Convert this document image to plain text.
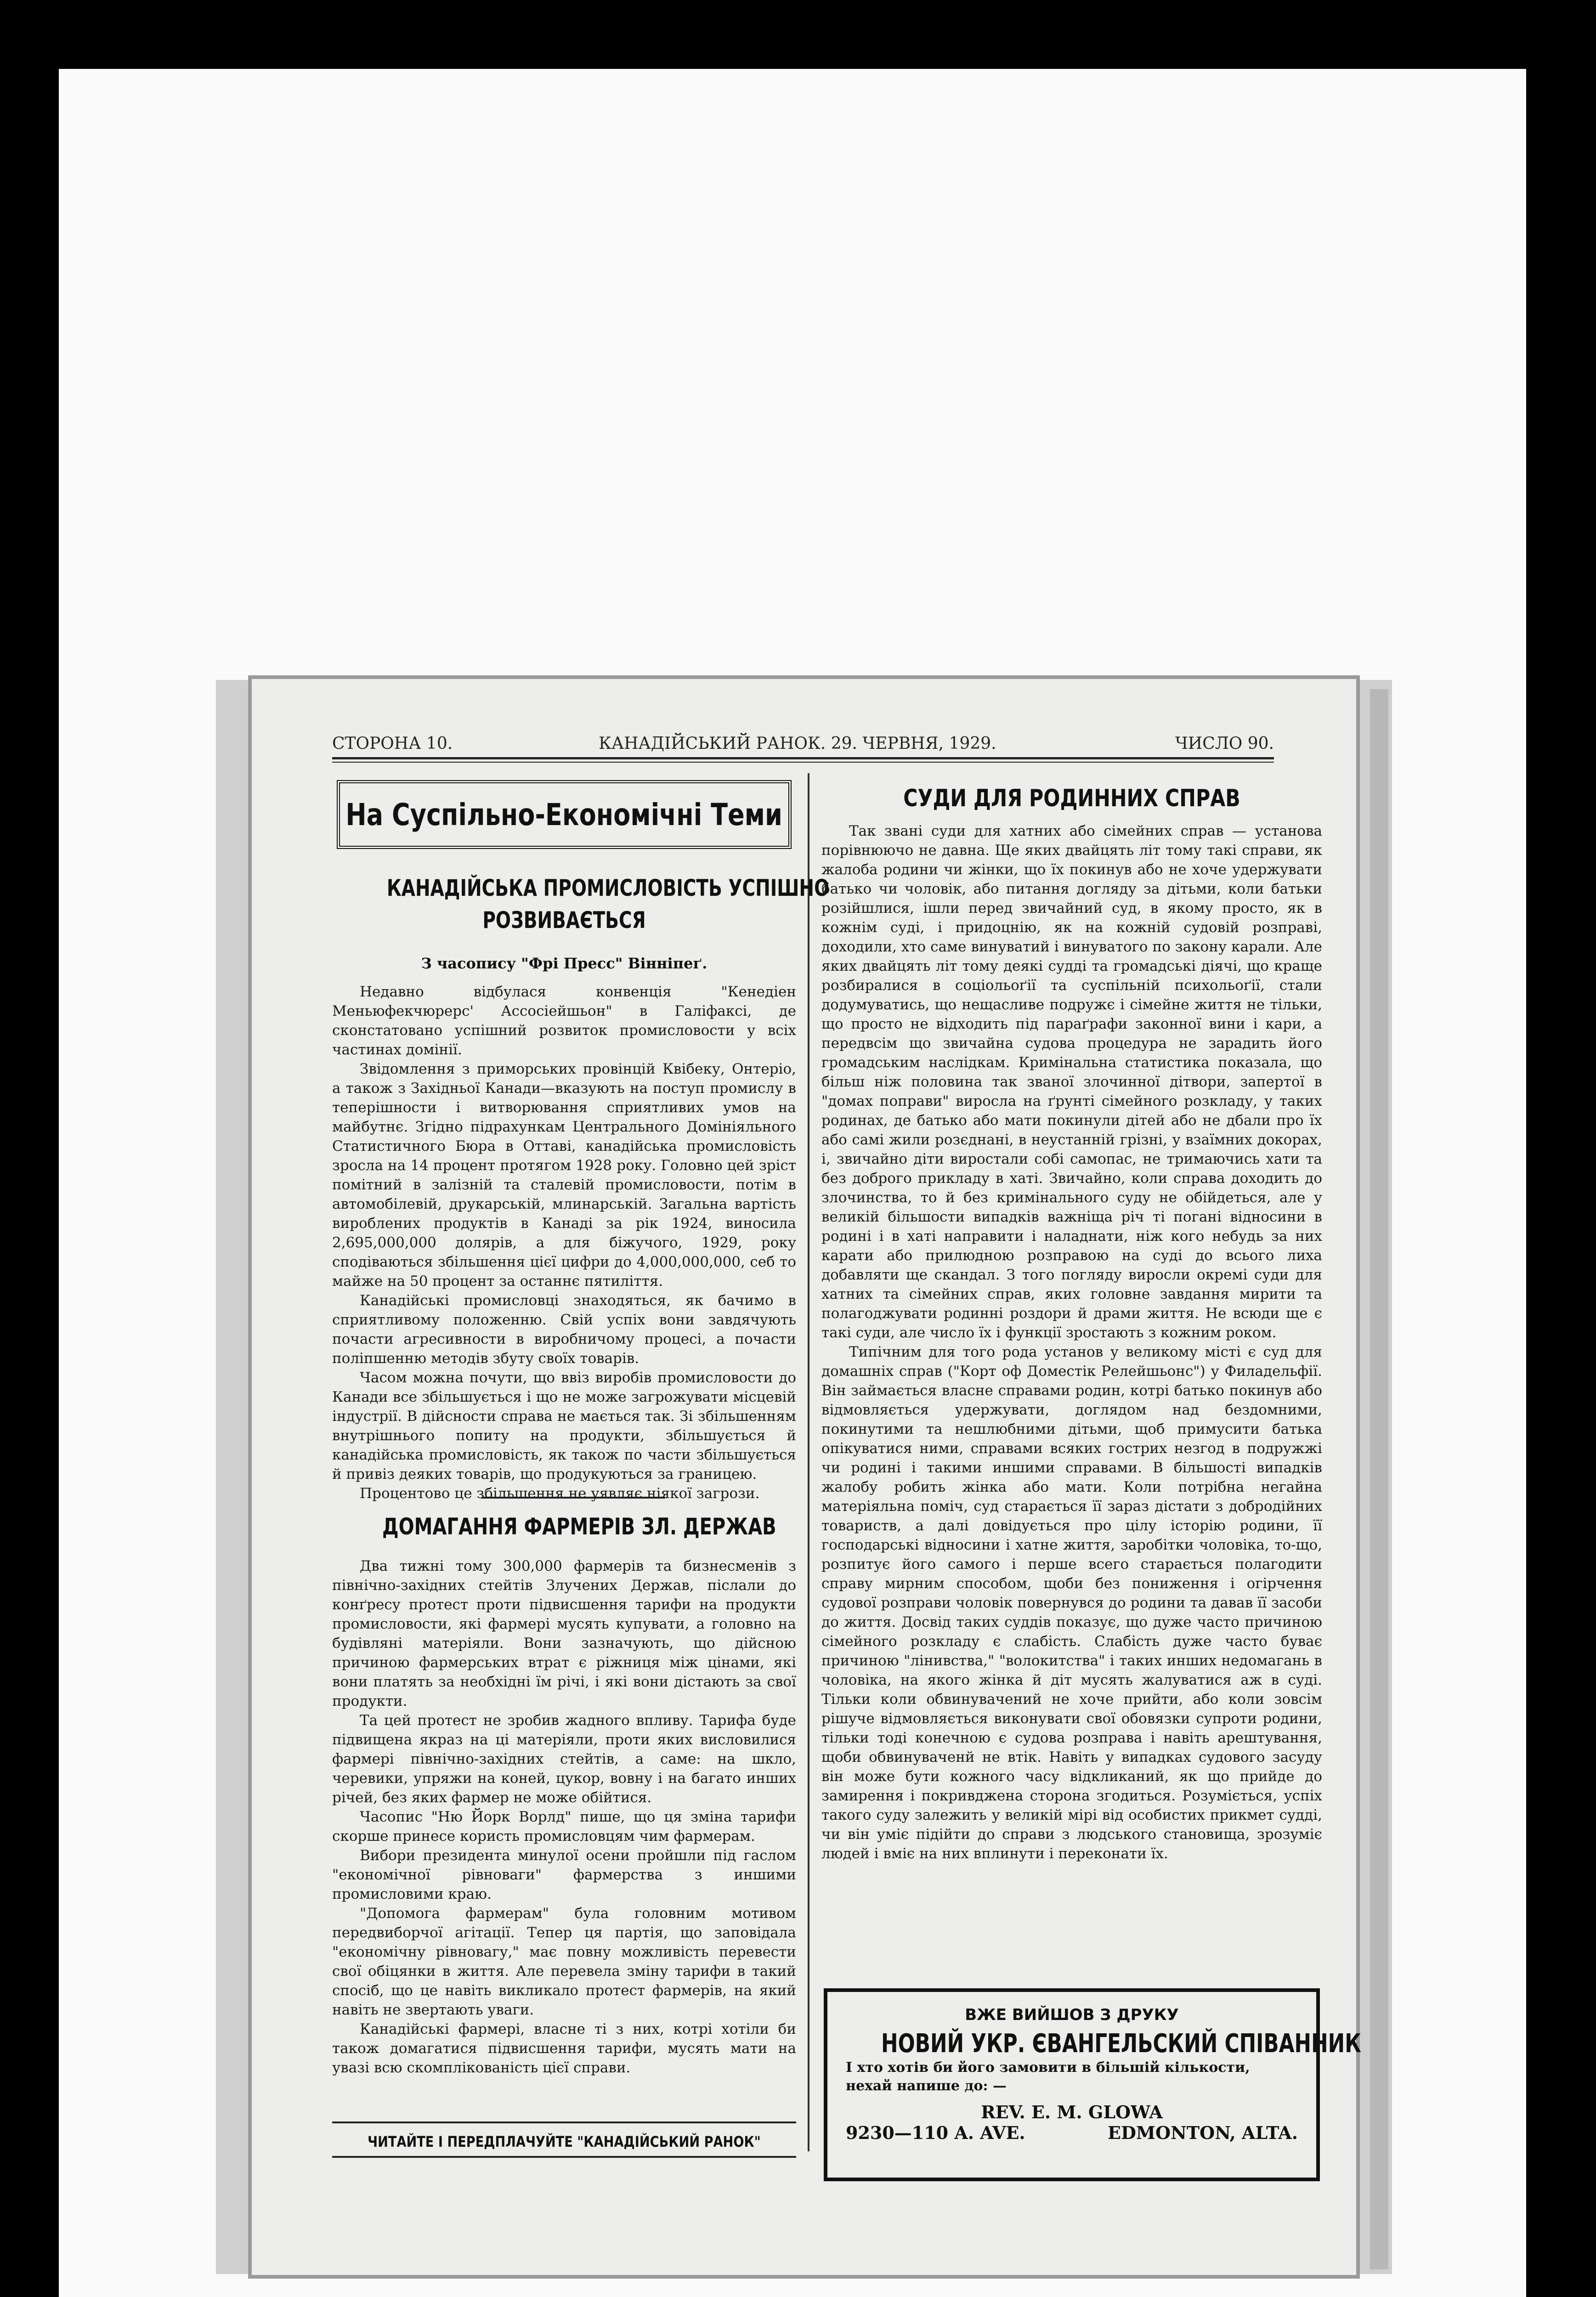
СТОРОНА 10.	КАНАДІЙСЬКИЙ РАНОК. 29. ЧЕРВНЯ, 1929.	ЧИСЛО 90.
На Суспільно-Економічні Теми
КАНАДІЙСЬКА ПРОМИСЛОВІСТЬ УСПІШНО
РОЗВИВАЄТЬСЯ
З часопису "Фрі Пресс" Вінніпеґ.

Недавно відбулася конвенція "Кенедіен Меньюфекчюрерс' Ассосіейшьон" в Галіфаксі, де сконстатовано успішний розвиток промисловости у всіх частинах домінії.

Звідомлення з приморських провінцій Квібеку, Онтеріо, а також з Західньої Канади—вказують на поступ промислу в теперішности і витворювання сприятливих умов на майбутнє. Згідно підрахункам Центрального Домініяльного Статистичного Бюра в Оттаві, канадійська промисловість зросла на 14 процент протягом 1928 року. Головно цей зріст помітний в залізній та сталевій промисловости, потім в автомобілевій, друкарській, млинарській. Загальна вартість вироблених продуктів в Канаді за рік 1924, виносила 2,695,000,000 долярів, а для біжучого, 1929, року сподіваються збільшення цієї цифри до 4,000,000,000, себ то майже на 50 процент за останнє пятиліття.

Канадійські промисловці знаходяться, як бачимо в сприятливому положенню. Свій успіх вони завдячують почасти агресивности в виробничому процесі, а почасти поліпшенню методів збуту своїх товарів.

Часом можна почути, що ввіз виробів промисловости до Канади все збільшується і що не може загрожувати місцевій індустрії. В дійсности справа не мається так. Зі збільшенням внутрішнього попиту на продукти, збільшується й канадійська промисловість, як також по части збільшується й привіз деяких товарів, що продукуються за границею.

Процентово це збільшення не уявляє ніякої загрози.

ДОМАГАННЯ ФАРМЕРІВ ЗЛ. ДЕРЖАВ

Два тижні тому 300,000 фармерів та бизнесменів з північно-західних стейтів Злучених Держав, післали до конґресу протест проти підвисшення тарифи на продукти промисловости, які фармері мусять купувати, а головно на будівляні матеріяли. Вони зазначують, що дійсною причиною фармерських втрат є ріжниця між цінами, які вони платять за необхідні їм річі, і які вони дістають за свої продукти.

Та цей протест не зробив жадного впливу. Тарифа буде підвищена якраз на ці матеріяли, проти яких висловилися фармері північно-західних стейтів, а саме: на шкло, черевики, упряжи на коней, цукор, вовну і на багато инших річей, без яких фармер не може обійтися.

Часопис "Ню Йорк Ворлд" пише, що ця зміна тарифи скорше принесе користь промисловцям чим фармерам.

Вибори президента минулої осени пройшли під гаслом "економічної рівноваги" фармерства з иншими промисловими краю.

"Допомога фармерам" була головним мотивом передвиборчої агітації. Тепер ця партія, що заповідала "економічну рівновагу," має повну можливість перевести свої обіцянки в життя. Але перевела зміну тарифи в такий спосіб, що це навіть викликало протест фармерів, на який навіть не звертають уваги.

Канадійські фармері, власне ті з них, котрі хотіли би також домагатися підвисшення тарифи, мусять мати на увазі всю скомплікованість цієї справи.

ЧИТАЙТЕ І ПЕРЕДПЛАЧУЙТЕ "КАНАДІЙСЬКИЙ РАНОК"
СУДИ ДЛЯ РОДИННИХ СПРАВ

Так звані суди для хатних або сімейних справ — установа порівнюючо не давна. Ще яких двайцять літ тому такі справи, як жалоба родини чи жінки, що їх покинув або не хоче удержувати батько чи чоловік, або питання догляду за дітьми, коли батьки розійшлися, ішли перед звичайний суд, в якому просто, як в кожнім суді, і придоцнію, як на кожній судовій розправі, доходили, хто саме винуватий і винуватого по закону карали. Але яких двайцять літ тому деякі судді та громадські діячі, що краще розбиралися в соціольоґії та суспільній психольоґії, стали додумуватись, що нещасливе подружє і сімейне життя не тільки, що просто не відходить під параґрафи законної вини і кари, а передвсім що звичайна судова процедура не зарадить його громадським наслідкам. Кримінальна статистика показала, що більш ніж половина так званої злочинної дітвори, запертої в "домах поправи" виросла на ґрунті сімейного розкладу, у таких родинах, де батько або мати покинули дітей або не дбали про їх або самі жили розєднані, в неустанній грізні, у взаїмних докорах, і, звичайно діти виростали собі самопас, не тримаючись хати та без доброго прикладу в хаті. Звичайно, коли справа доходить до злочинства, то й без кримінального суду не обійдеться, але у великій більшости випадків важніща річ ті погані відносини в родині і в хаті направити і наладнати, ніж кого небудь за них карати або прилюдною розправою на суді до всього лиха добавляти ще скандал. З того погляду виросли окремі суди для хатних та сімейних справ, яких головне завдання мирити та полагоджувати родинні роздори й драми життя. Не всюди ще є такі суди, але число їх і функції зростають з кожним роком.

Типічним для того рода установ у великому місті є суд для домашніх справ ("Корт оф Доместік Релейшьонс") у Филадельфії. Він займається власне справами родин, котрі батько покинув або відмовляється удержувати, доглядом над бездомними, покинутими та нешлюбними дітьми, щоб примусити батька опікуватися ними, справами всяких гострих незгод в подружжі чи родині і такими иншими справами. В більшості випадків жалобу робить жінка або мати. Коли потрібна негайна матеріяльна поміч, суд старається її зараз дістати з добродійних товариств, а далі довідується про цілу історію родини, її господарські відносини і хатне життя, заробітки чоловіка, то-що, розпитує його самого і перше всего старається полагодити справу мирним способом, щоби без пониження і огірчення судової розправи чоловік повернувся до родини та давав її засоби до життя. Досвід таких суддів показує, що дуже часто причиною сімейного розкладу є слабість. Слабість дуже часто буває причиною "лінивства," "волокитства" і таких инших недомагань в чоловіка, на якого жінка й діт мусять жалуватися аж в суді. Тільки коли обвинувачений не хоче прийти, або коли зовсім рішуче відмовляється виконувати свої обовязки супроти родини, тільки тоді конечною є судова розправа і навіть арештування, щоби обвинуваченй не втік. Навіть у випадках судового засуду він може бути кожного часу відкликаний, як що прийде до замирення і покривджена сторона згодиться. Розуміється, успіх такого суду залежить у великій мірі від особистих прикмет судді, чи він уміє підійти до справи з людського становища, зрозуміє людей і вміє на них вплинути і переконати їх.

ВЖЕ ВИЙШОВ З ДРУКУ
НОВИЙ УКР. ЄВАНГЕЛЬСКИЙ СПІВАННИК
І хто хотів би його замовити в більшій кількости, нехай напише до: —
REV. E. M. GLOWA
9230—110 A. AVE.	EDMONTON, ALTA.
